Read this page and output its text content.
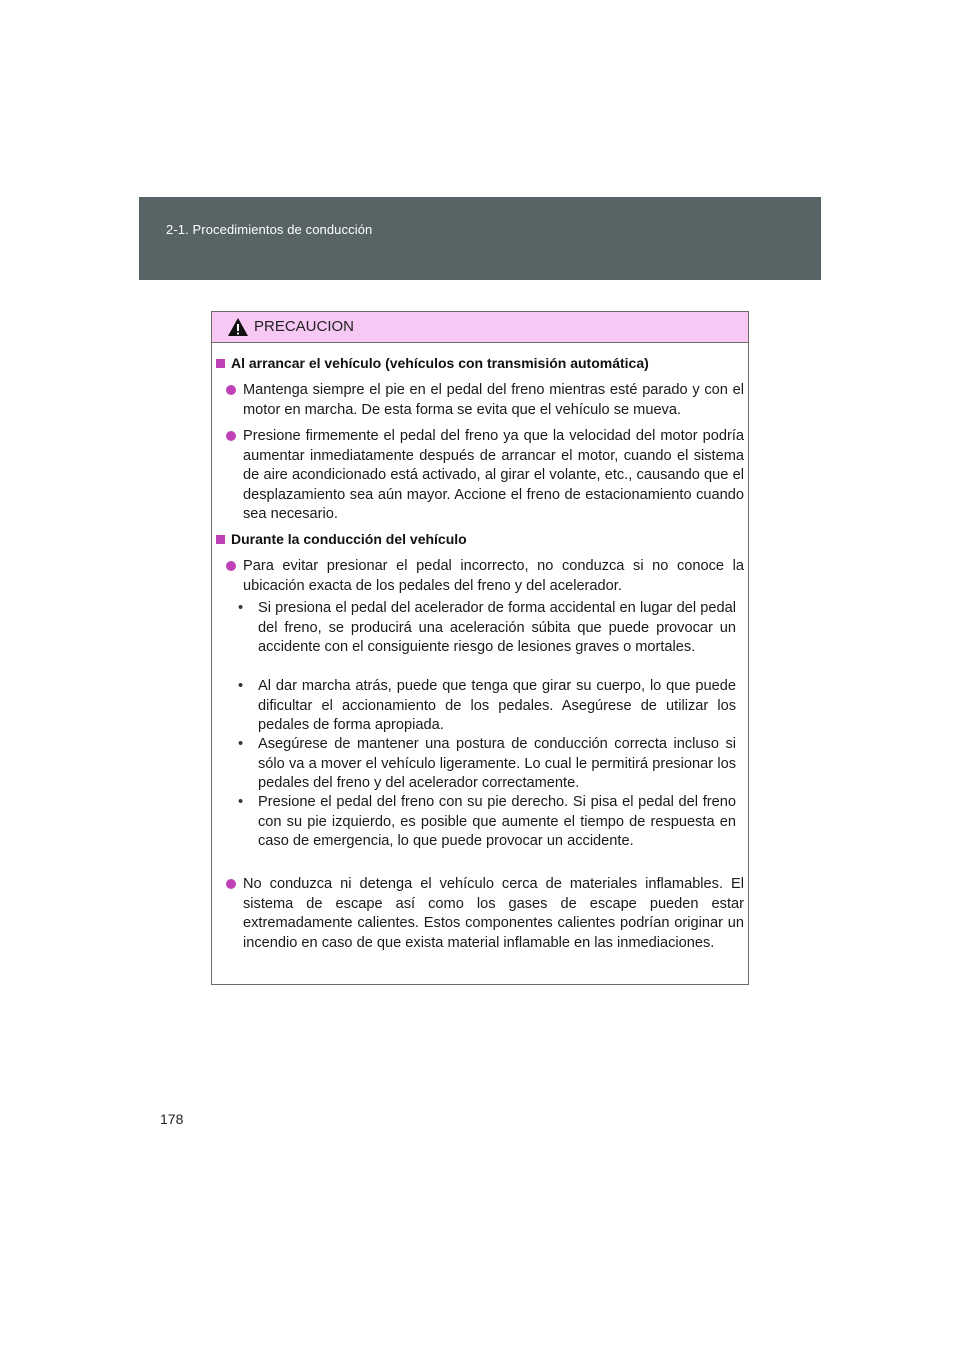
2-1. Procedimientos de conducción
PRECAUCION
Al arrancar el vehículo (vehículos con transmisión automática)
Mantenga siempre el pie en el pedal del freno mientras esté parado y con el motor en marcha. De esta forma se evita que el vehículo se mueva.
Presione firmemente el pedal del freno ya que la velocidad del motor podría aumentar inmediatamente después de arrancar el motor, cuando el sistema de aire acondicionado está activado, al girar el volante, etc., causando que el desplazamiento sea aún mayor. Accione el freno de estacionamiento cuando sea necesario.
Durante la conducción del vehículo
Para evitar presionar el pedal incorrecto, no conduzca si no conoce la ubicación exacta de los pedales del freno y del acelerador.
• Si presiona el pedal del acelerador de forma accidental en lugar del pedal del freno, se producirá una aceleración súbita que puede provocar un accidente con el consiguiente riesgo de lesiones graves o mortales.
• Al dar marcha atrás, puede que tenga que girar su cuerpo, lo que puede dificultar el accionamiento de los pedales. Asegúrese de utilizar los pedales de forma apropiada.
• Asegúrese de mantener una postura de conducción correcta incluso si sólo va a mover el vehículo ligeramente. Lo cual le permitirá presionar los pedales del freno y del acelerador correctamente.
• Presione el pedal del freno con su pie derecho. Si pisa el pedal del freno con su pie izquierdo, es posible que aumente el tiempo de respuesta en caso de emergencia, lo que puede provocar un accidente.
No conduzca ni detenga el vehículo cerca de materiales inflamables. El sistema de escape así como los gases de escape pueden estar extremadamente calientes. Estos componentes calientes podrían originar un incendio en caso de que exista material inflamable en las inmediaciones.
178
